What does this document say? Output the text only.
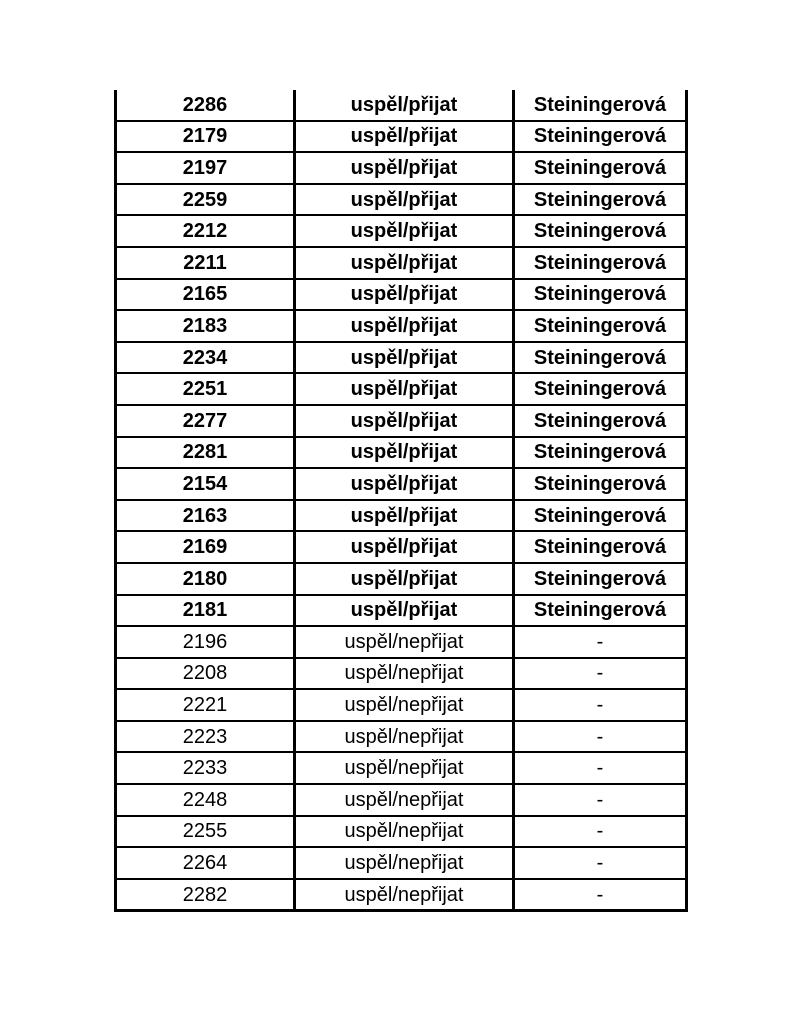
2286	uspěl/přijat	Steiningerová
2179	uspěl/přijat	Steiningerová
2197	uspěl/přijat	Steiningerová
2259	uspěl/přijat	Steiningerová
2212	uspěl/přijat	Steiningerová
2211	uspěl/přijat	Steiningerová
2165	uspěl/přijat	Steiningerová
2183	uspěl/přijat	Steiningerová
2234	uspěl/přijat	Steiningerová
2251	uspěl/přijat	Steiningerová
2277	uspěl/přijat	Steiningerová
2281	uspěl/přijat	Steiningerová
2154	uspěl/přijat	Steiningerová
2163	uspěl/přijat	Steiningerová
2169	uspěl/přijat	Steiningerová
2180	uspěl/přijat	Steiningerová
2181	uspěl/přijat	Steiningerová
2196	uspěl/nepřijat	-
2208	uspěl/nepřijat	-
2221	uspěl/nepřijat	-
2223	uspěl/nepřijat	-
2233	uspěl/nepřijat	-
2248	uspěl/nepřijat	-
2255	uspěl/nepřijat	-
2264	uspěl/nepřijat	-
2282	uspěl/nepřijat	-
